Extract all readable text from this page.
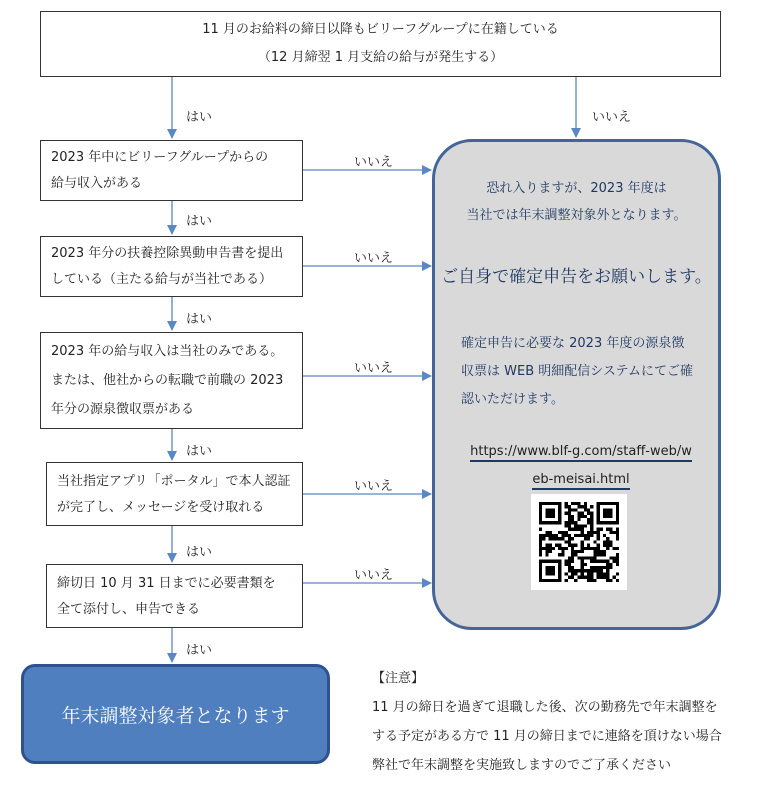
11 月のお給料の締日以降もビリーフグループに在籍している
（12 月締翌 1 月支給の給与が発生する）
2023 年中にビリーフグループからの
給与収入がある
2023 年分の扶養控除異動申告書を提出
している（主たる給与が当社である）
2023 年の給与収入は当社のみである。
または、他社からの転職で前職の 2023
年分の源泉徴収票がある
当社指定アプリ「ポータル」で本人認証
が完了し、メッセージを受け取れる
締切日 10 月 31 日までに必要書類を
全て添付し、申告できる
はい
はい
はい
はい
はい
はい
いいえ
いいえ
いいえ
いいえ
いいえ
いいえ
恐れ入りますが、2023 年度は
当社では年末調整対象外となります。
ご自身で確定申告をお願いします。
確定申告に必要な 2023 年度の源泉徴
収票は WEB 明細配信システムにてご確
認いただけます。
https://www.blf-g.com/staff-web/w
eb-meisai.html
年末調整対象者となります
【注意】
11 月の締日を過ぎて退職した後、次の勤務先で年末調整を
する予定がある方で 11 月の締日までに連絡を頂けない場合
弊社で年末調整を実施致しますのでご了承ください
